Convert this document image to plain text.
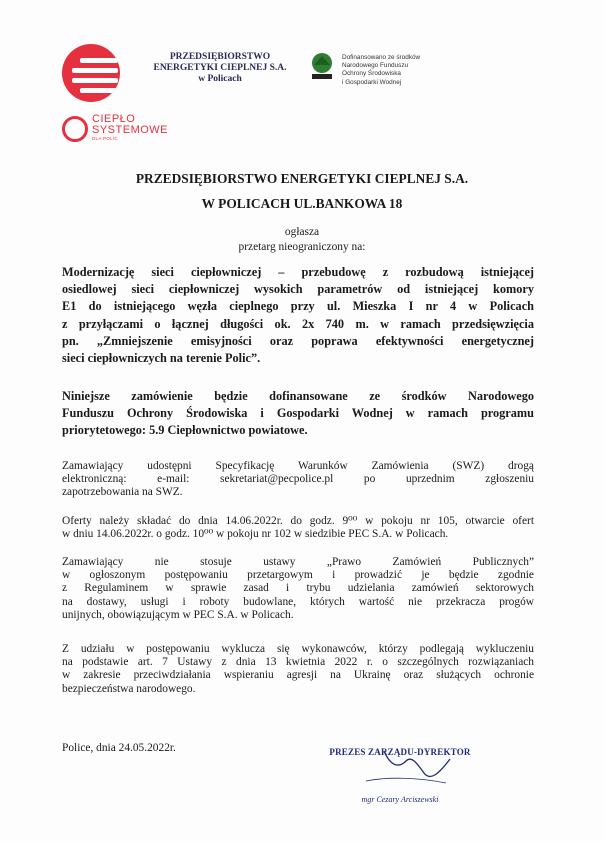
PRZEDSIĘBIORSTWO
ENERGETYKI CIEPLNEJ S.A.
w Policach
Dofinansowano ze środków
Narodowego Funduszu
Ochrony Środowiska
i Gospodarki Wodnej
CIEPŁO
SYSTEMOWE
DLA POLIC
PRZEDSIĘBIORSTWO ENERGETYKI CIEPLNEJ S.A.
W POLICACH UL.BANKOWA 18
ogłasza
przetarg nieograniczony na:
Modernizację sieci ciepłowniczej – przebudowę z rozbudową istniejącej
osiedlowej sieci ciepłowniczej wysokich parametrów od istniejącej komory
E1 do istniejącego węzła cieplnego przy ul. Mieszka I nr 4 w Policach
z przyłączami o łącznej długości ok. 2x 740 m. w ramach przedsięwzięcia
pn. „Zmniejszenie emisyjności oraz poprawa efektywności energetycznej
sieci ciepłowniczych na terenie Polic”.
Niniejsze zamówienie będzie dofinansowane ze środków Narodowego
Funduszu Ochrony Środowiska i Gospodarki Wodnej w ramach programu
priorytetowego: 5.9 Ciepłownictwo powiatowe.
Zamawiający udostępni Specyfikację Warunków Zamówienia (SWZ) drogą
elektroniczną: e-mail: sekretariat@pecpolice.pl po uprzednim zgłoszeniu
zapotrzebowania na SWZ.
Oferty należy składać do dnia 14.06.2022r. do godz. 9⁰⁰ w pokoju nr 105, otwarcie ofert
w dniu 14.06.2022r. o godz. 10⁰⁰ w pokoju nr 102 w siedzibie PEC S.A. w Policach.
Zamawiający nie stosuje ustawy „Prawo Zamówień Publicznych”
w ogłoszonym postępowaniu przetargowym i prowadzić je będzie zgodnie
z Regulaminem w sprawie zasad i trybu udzielania zamówień sektorowych
na dostawy, usługi i roboty budowlane, których wartość nie przekracza progów
unijnych, obowiązującym w PEC S.A. w Policach.
Z udziału w postępowaniu wyklucza się wykonawców, którzy podlegają wykluczeniu
na podstawie art. 7 Ustawy z dnia 13 kwietnia 2022 r. o szczególnych rozwiązaniach
w zakresie przeciwdziałania wspieraniu agresji na Ukrainę oraz służących ochronie
bezpieczeństwa narodowego.
Police, dnia 24.05.2022r.	PREZES ZARZĄDU-DYREKTOR
mgr Cezary Arciszewski
